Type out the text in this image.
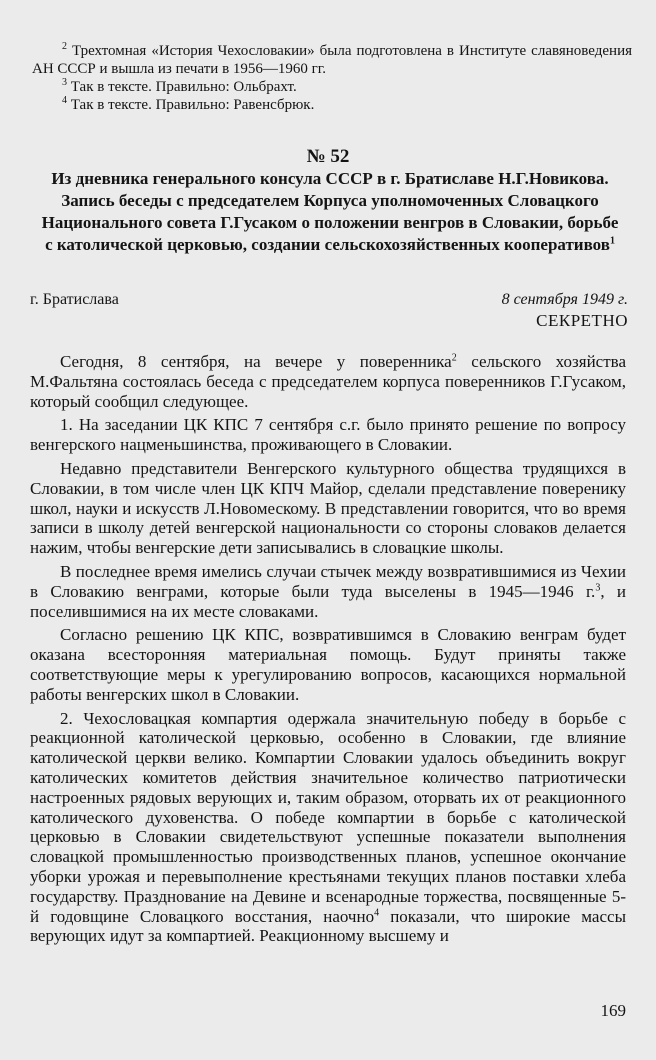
$^2$ Трехтомная «История Чехословакии» была подготовлена в Институте славяноведения АН СССР и вышла из печати в 1956—1960 гг.
$^3$ Так в тексте. Правильно: Ольбрахт.
$^4$ Так в тексте. Правильно: Равенсбрюк.
№ 52
Из дневника генерального консула СССР в г. Братиславе Н.Г.Новикова. Запись беседы с председателем Корпуса уполномоченных Словацкого Национального совета Г.Гусаком о положении венгров в Словакии, борьбе с католической церковью, создании сельскохозяйственных кооперативов$^1$
г. Братислава	8 сентября 1949 г.
СЕКРЕТНО

Сегодня, 8 сентября, на вечере у поверенника$^2$ сельского хозяйства М.Фальтяна состоялась беседа с председателем корпуса поверенников Г.Гусаком, который сообщил следующее.

1. На заседании ЦК КПС 7 сентября с.г. было принято решение по вопросу венгерского нацменьшинства, проживающего в Словакии.

Недавно представители Венгерского культурного общества трудящихся в Словакии, в том числе член ЦК КПЧ Майор, сделали представление поверенику школ, науки и искусств Л.Новомескому. В представлении говорится, что во время записи в школу детей венгерской национальности со стороны словаков делается нажим, чтобы венгерские дети записывались в словацкие школы.

В последнее время имелись случаи стычек между возвратившимися из Чехии в Словакию венграми, которые были туда выселены в 1945—1946 г.$^3$, и поселившимися на их месте словаками.

Согласно решению ЦК КПС, возвратившимся в Словакию венграм будет оказана всесторонняя материальная помощь. Будут приняты также соответствующие меры к урегулированию вопросов, касающихся нормальной работы венгерских школ в Словакии.

2. Чехословацкая компартия одержала значительную победу в борьбе с реакционной католической церковью, особенно в Словакии, где влияние католической церкви велико. Компартии Словакии удалось объединить вокруг католических комитетов действия значительное количество патриотически настроенных рядовых верующих и, таким образом, оторвать их от реакционного католического духовенства. О победе компартии в борьбе с католической церковью в Словакии свидетельствуют успешные показатели выполнения словацкой промышленностью производственных планов, успешное окончание уборки урожая и перевыполнение крестьянами текущих планов поставки хлеба государству. Празднование на Девине и всенародные торжества, посвященные 5-й годовщине Словацкого восстания, наочно$^4$ показали, что широкие массы верующих идут за компартией. Реакционному высшему и

169
